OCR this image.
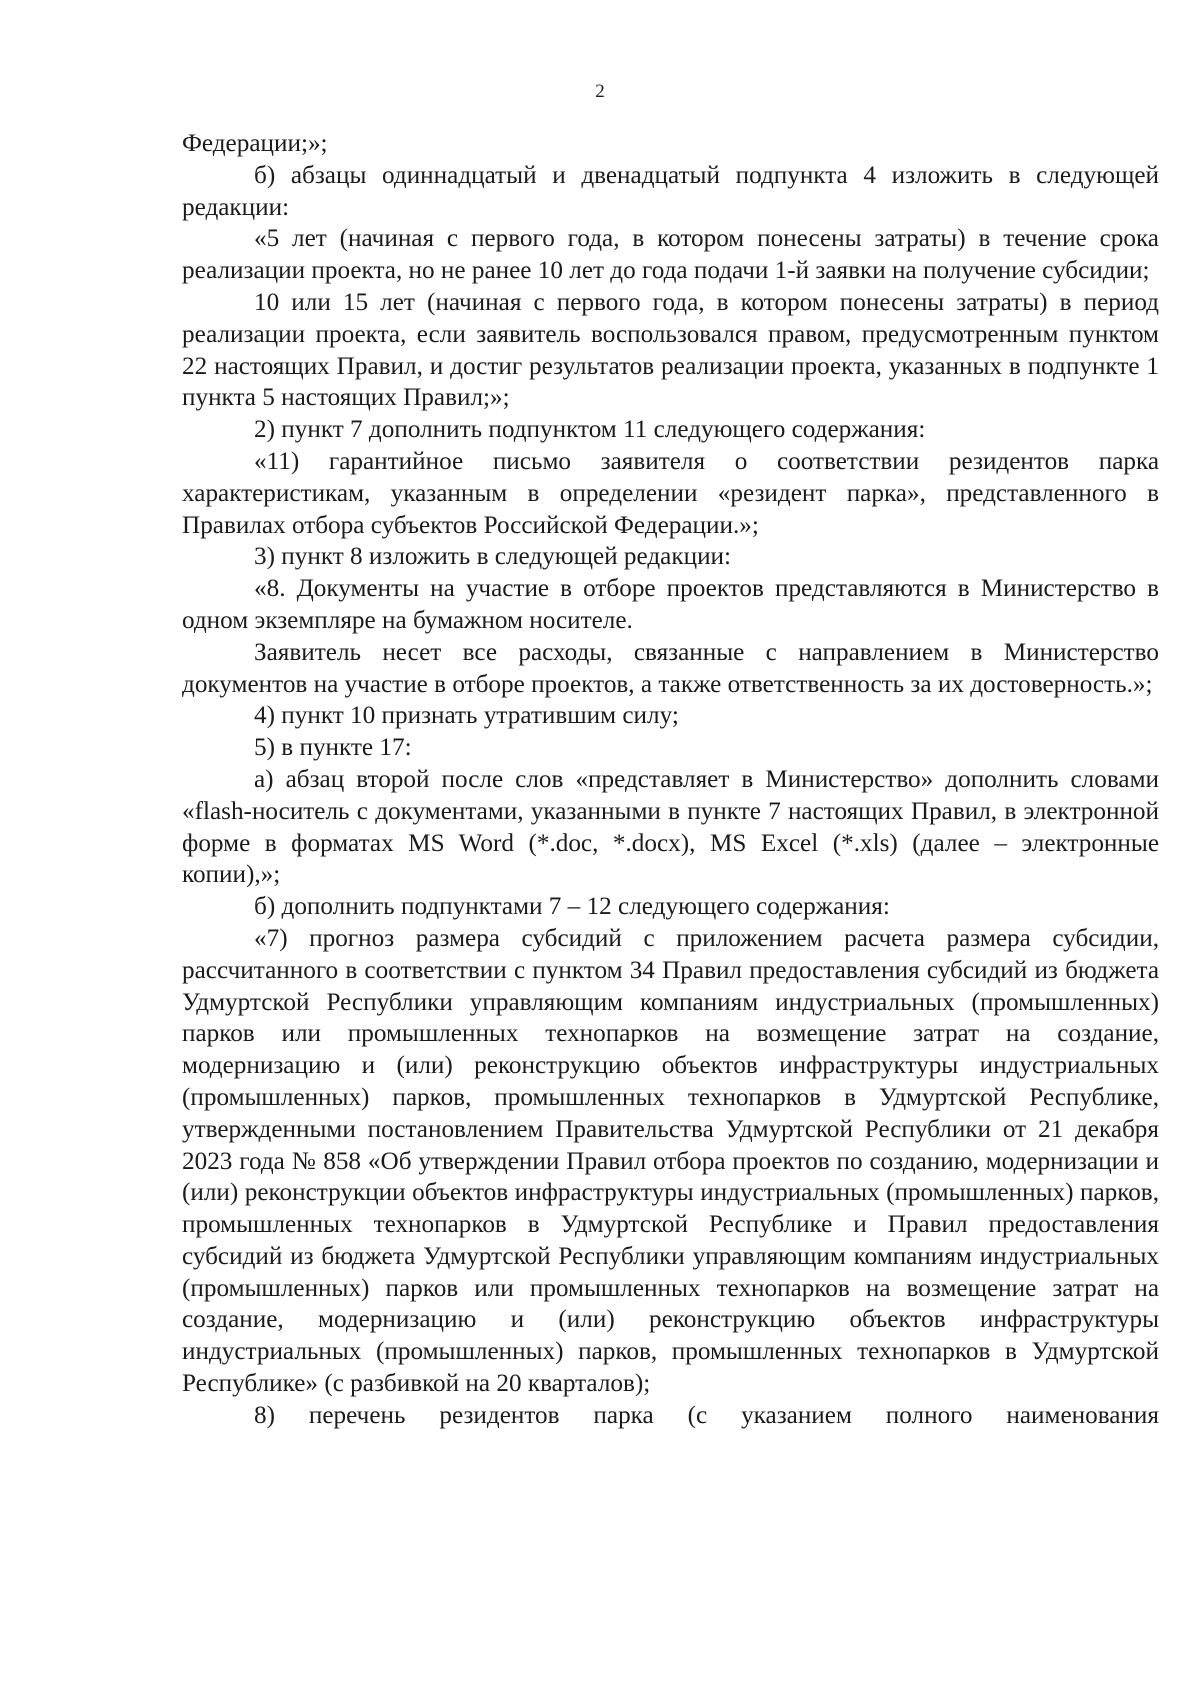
2

Федерации;»;

б) абзацы одиннадцатый и двенадцатый подпункта 4 изложить в следующей редакции:

«5 лет (начиная с первого года, в котором понесены затраты) в течение срока реализации проекта, но не ранее 10 лет до года подачи 1-й заявки на получение субсидии;

10 или 15 лет (начиная с первого года, в котором понесены затраты) в период реализации проекта, если заявитель воспользовался правом, предусмотренным пунктом 22 настоящих Правил, и достиг результатов реализации проекта, указанных в подпункте 1 пункта 5 настоящих Правил;»;

2) пункт 7 дополнить подпунктом 11 следующего содержания:

«11) гарантийное письмо заявителя о соответствии резидентов парка характеристикам, указанным в определении «резидент парка», представленного в Правилах отбора субъектов Российской Федерации.»;

3) пункт 8 изложить в следующей редакции:

«8. Документы на участие в отборе проектов представляются в Министерство в одном экземпляре на бумажном носителе.

Заявитель несет все расходы, связанные с направлением в Министерство документов на участие в отборе проектов, а также ответственность за их достоверность.»;

4) пункт 10 признать утратившим силу;

5) в пункте 17:

а) абзац второй после слов «представляет в Министерство» дополнить словами «flash-носитель с документами, указанными в пункте 7 настоящих Правил, в электронной форме в форматах MS Word (*.doc, *.docx), MS Excel (*.xls) (далее – электронные копии),»;

б) дополнить подпунктами 7 – 12 следующего содержания:

«7) прогноз размера субсидий с приложением расчета размера субсидии, рассчитанного в соответствии с пунктом 34 Правил предоставления субсидий из бюджета Удмуртской Республики управляющим компаниям индустриальных (промышленных) парков или промышленных технопарков на возмещение затрат на создание, модернизацию и (или) реконструкцию объектов инфраструктуры индустриальных (промышленных) парков, промышленных технопарков в Удмуртской Республике, утвержденными постановлением Правительства Удмуртской Республики от 21 декабря 2023 года № 858 «Об утверждении Правил отбора проектов по созданию, модернизации и (или) реконструкции объектов инфраструктуры индустриальных (промышленных) парков, промышленных технопарков в Удмуртской Республике и Правил предоставления субсидий из бюджета Удмуртской Республики управляющим компаниям индустриальных (промышленных) парков или промышленных технопарков на возмещение затрат на создание, модернизацию и (или) реконструкцию объектов инфраструктуры индустриальных (промышленных) парков, промышленных технопарков в Удмуртской Республике» (с разбивкой на 20 кварталов);

8) перечень резидентов парка (с указанием полного наименования
